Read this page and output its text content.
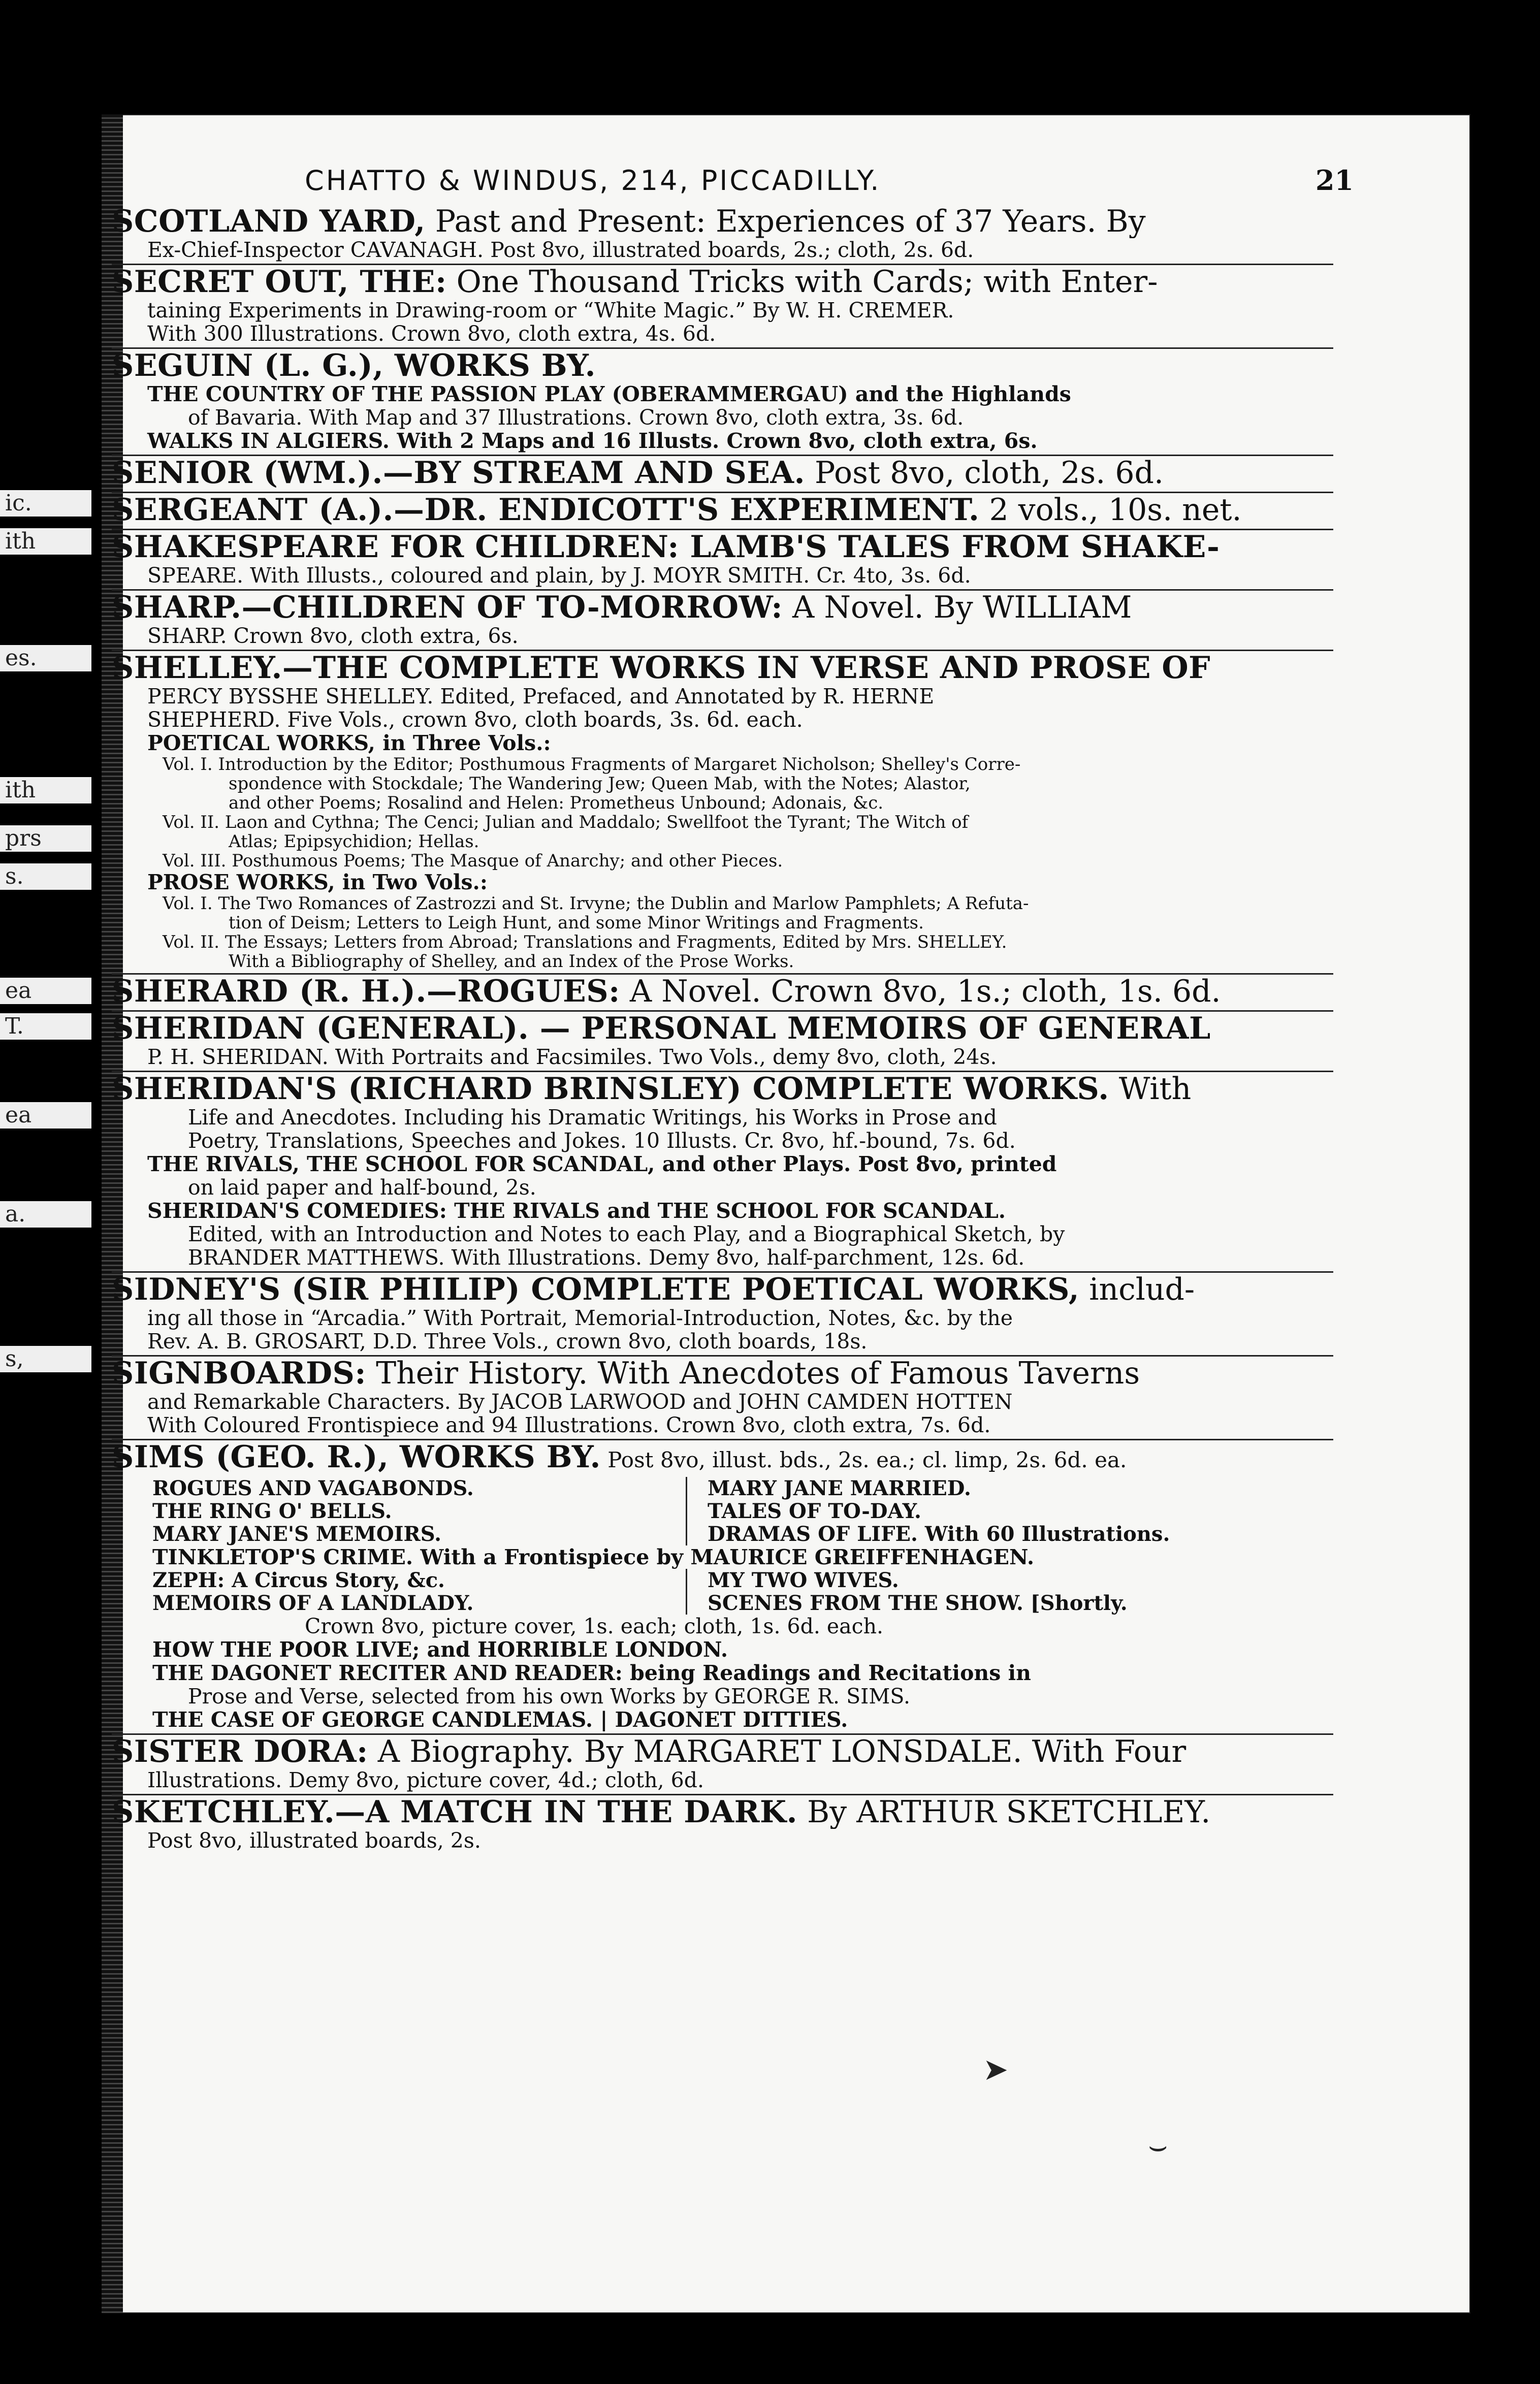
ic.
ith
es.
ith
prs
s.
ea
T.
ea
a.
s,
CHATTO & WINDUS, 214, PICCADILLY.	21
SCOTLAND YARD, Past and Present: Experiences of 37 Years. By
Ex-Chief-Inspector CAVANAGH. Post 8vo, illustrated boards, 2s.; cloth, 2s. 6d.
SECRET OUT, THE: One Thousand Tricks with Cards; with Enter-
taining Experiments in Drawing-room or “White Magic.” By W. H. CREMER.
With 300 Illustrations. Crown 8vo, cloth extra, 4s. 6d.
SEGUIN (L. G.), WORKS BY.
THE COUNTRY OF THE PASSION PLAY (OBERAMMERGAU) and the Highlands
of Bavaria. With Map and 37 Illustrations. Crown 8vo, cloth extra, 3s. 6d.
WALKS IN ALGIERS. With 2 Maps and 16 Illusts. Crown 8vo, cloth extra, 6s.
SENIOR (WM.).—BY STREAM AND SEA. Post 8vo, cloth, 2s. 6d.
SERGEANT (A.).—DR. ENDICOTT'S EXPERIMENT. 2 vols., 10s. net.
SHAKESPEARE FOR CHILDREN: LAMB'S TALES FROM SHAKE-
SPEARE. With Illusts., coloured and plain, by J. MOYR SMITH. Cr. 4to, 3s. 6d.
SHARP.—CHILDREN OF TO-MORROW: A Novel. By WILLIAM
SHARP. Crown 8vo, cloth extra, 6s.
SHELLEY.—THE COMPLETE WORKS IN VERSE AND PROSE OF
PERCY BYSSHE SHELLEY. Edited, Prefaced, and Annotated by R. HERNE
SHEPHERD. Five Vols., crown 8vo, cloth boards, 3s. 6d. each.
POETICAL WORKS, in Three Vols.:
Vol. I. Introduction by the Editor; Posthumous Fragments of Margaret Nicholson; Shelley's Corre-
spondence with Stockdale; The Wandering Jew; Queen Mab, with the Notes; Alastor,
and other Poems; Rosalind and Helen: Prometheus Unbound; Adonais, &c.
Vol. II. Laon and Cythna; The Cenci; Julian and Maddalo; Swellfoot the Tyrant; The Witch of
Atlas; Epipsychidion; Hellas.
Vol. III. Posthumous Poems; The Masque of Anarchy; and other Pieces.
PROSE WORKS, in Two Vols.:
Vol. I. The Two Romances of Zastrozzi and St. Irvyne; the Dublin and Marlow Pamphlets; A Refuta-
tion of Deism; Letters to Leigh Hunt, and some Minor Writings and Fragments.
Vol. II. The Essays; Letters from Abroad; Translations and Fragments, Edited by Mrs. SHELLEY.
With a Bibliography of Shelley, and an Index of the Prose Works.
SHERARD (R. H.).—ROGUES: A Novel. Crown 8vo, 1s.; cloth, 1s. 6d.
SHERIDAN (GENERAL). — PERSONAL MEMOIRS OF GENERAL
P. H. SHERIDAN. With Portraits and Facsimiles. Two Vols., demy 8vo, cloth, 24s.
SHERIDAN'S (RICHARD BRINSLEY) COMPLETE WORKS. With
Life and Anecdotes. Including his Dramatic Writings, his Works in Prose and
Poetry, Translations, Speeches and Jokes. 10 Illusts. Cr. 8vo, hf.-bound, 7s. 6d.
THE RIVALS, THE SCHOOL FOR SCANDAL, and other Plays. Post 8vo, printed
on laid paper and half-bound, 2s.
SHERIDAN'S COMEDIES: THE RIVALS and THE SCHOOL FOR SCANDAL.
Edited, with an Introduction and Notes to each Play, and a Biographical Sketch, by
BRANDER MATTHEWS. With Illustrations. Demy 8vo, half-parchment, 12s. 6d.
SIDNEY'S (SIR PHILIP) COMPLETE POETICAL WORKS, includ-
ing all those in “Arcadia.” With Portrait, Memorial-Introduction, Notes, &c. by the
Rev. A. B. GROSART, D.D. Three Vols., crown 8vo, cloth boards, 18s.
SIGNBOARDS: Their History. With Anecdotes of Famous Taverns
and Remarkable Characters. By JACOB LARWOOD and JOHN CAMDEN HOTTEN
With Coloured Frontispiece and 94 Illustrations. Crown 8vo, cloth extra, 7s. 6d.
SIMS (GEO. R.), WORKS BY. Post 8vo, illust. bds., 2s. ea.; cl. limp, 2s. 6d. ea.
ROGUES AND VAGABONDS.	MARY JANE MARRIED.
THE RING O' BELLS.	TALES OF TO-DAY.
MARY JANE'S MEMOIRS.	DRAMAS OF LIFE. With 60 Illustrations.
TINKLETOP'S CRIME. With a Frontispiece by MAURICE GREIFFENHAGEN.
ZEPH: A Circus Story, &c.	MY TWO WIVES.
MEMOIRS OF A LANDLADY.	SCENES FROM THE SHOW. [Shortly.
Crown 8vo, picture cover, 1s. each; cloth, 1s. 6d. each.
HOW THE POOR LIVE; and HORRIBLE LONDON.
THE DAGONET RECITER AND READER: being Readings and Recitations in
Prose and Verse, selected from his own Works by GEORGE R. SIMS.
THE CASE OF GEORGE CANDLEMAS. | DAGONET DITTIES.
SISTER DORA: A Biography. By MARGARET LONSDALE. With Four
Illustrations. Demy 8vo, picture cover, 4d.; cloth, 6d.
SKETCHLEY.—A MATCH IN THE DARK. By ARTHUR SKETCHLEY.
Post 8vo, illustrated boards, 2s.
➤
⌣
